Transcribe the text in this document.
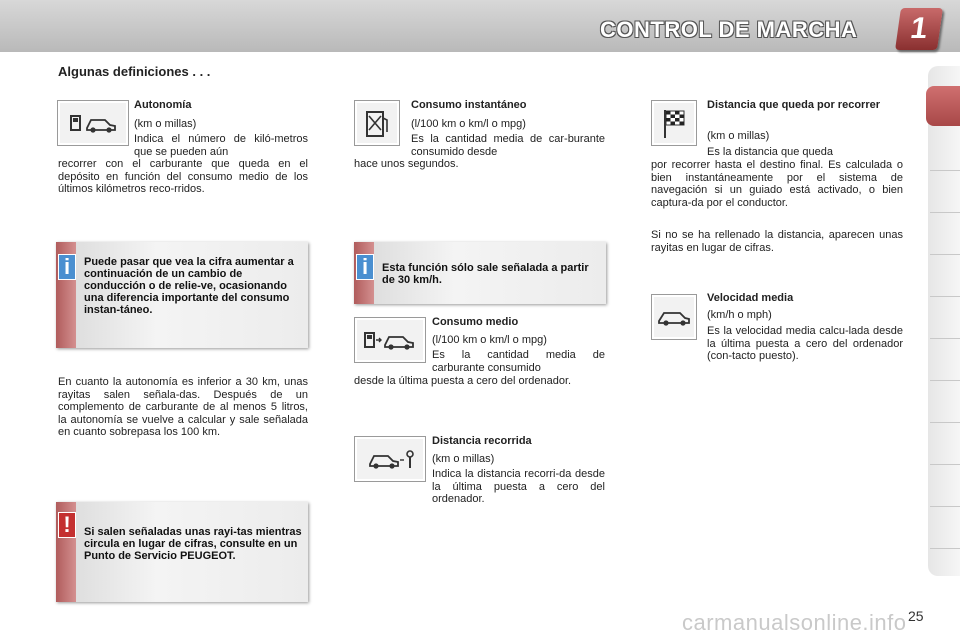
CONTROL DE MARCHA	1
Algunas definiciones . . .
Autonomía
(km o millas)
Indica el número de kiló-metros que se pueden aún
recorrer con el carburante que queda en el depósito en función del consumo medio de los últimos kilómetros reco-rridos.
i	Puede pasar que vea la cifra aumentar a continuación de un cambio de conducción o de relie-ve, ocasionando una diferencia importante del consumo instan-táneo.
En cuanto la autonomía es inferior a 30 km, unas rayitas salen señala-das. Después de un complemento de carburante de al menos 5 litros, la autonomía se vuelve a calcular y sale señalada en cuanto sobrepasa los 100 km.
!	Si salen señaladas unas rayi-tas mientras circula en lugar de cifras, consulte en un Punto de Servicio PEUGEOT.
Consumo instantáneo
(l/100 km o km/l o mpg)
Es la cantidad media de car-burante consumido desde
hace unos segundos.
i	Esta función sólo sale señalada a partir de 30 km/h.
Consumo medio
(l/100 km o km/l o mpg)
Es la cantidad media de carburante consumido
desde la última puesta a cero del ordenador.
Distancia recorrida
(km o millas)
Indica la distancia recorri-da desde la última puesta a cero del ordenador.
Distancia que queda por recorrer
(km o millas)
Es la distancia que queda
por recorrer hasta el destino final. Es calculada o bien instantáneamente por el sistema de navegación si un guiado está activado, o bien captura-da por el conductor.
Si no se ha rellenado la distancia, aparecen unas rayitas en lugar de cifras.
Velocidad media
(km/h o mph)
Es la velocidad media calcu-lada desde la última puesta a cero del ordenador (con-tacto puesto).
carmanualsonline.info 25
